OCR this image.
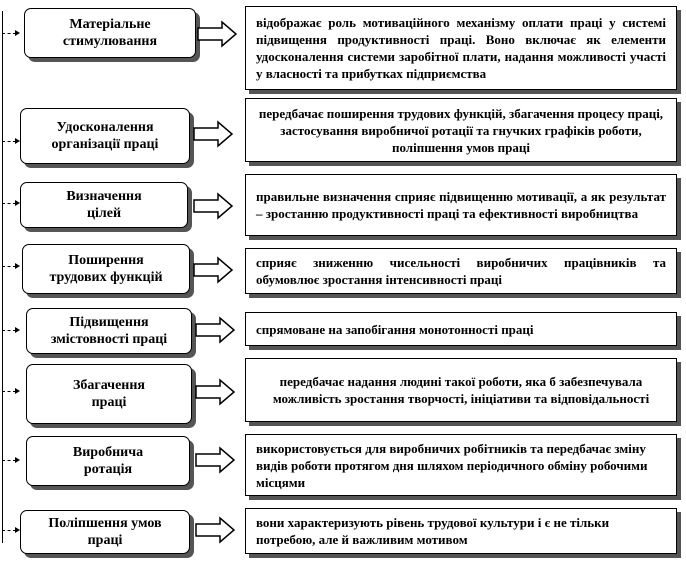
Матеріальне
стимулювання
відображає роль мотиваційного механізму оплати праці у системі підвищення продуктивності праці. Воно включає як елементи удосконалення системи заробітної плати, надання можливості участі у власності та прибутках підприємства
Удосконалення
організації праці
передбачає поширення трудових функцій, збагачення процесу праці, застосування виробничої ротації та гнучких графіків роботи, поліпшення умов праці
Визначення
цілей
правильне визначення сприяє підвищенню мотивації, а як результат – зростанню продуктивності праці та ефективності виробництва
Поширення
трудових функцій
сприяє зниженню чисельності виробничих працівників та обумовлює зростання інтенсивності праці
Підвищення
змістовності праці
спрямоване на запобігання монотонності праці
Збагачення
праці
передбачає надання людині такої роботи, яка б забезпечувала можливість зростання творчості, ініціативи та відповідальності
Виробнича
ротація
використовується для виробничих робітників та передбачає зміну видів роботи протягом дня шляхом періодичного обміну робочими місцями
Поліпшення умов
праці
вони характеризують рівень трудової культури і є не тільки потребою, але й важливим мотивом
